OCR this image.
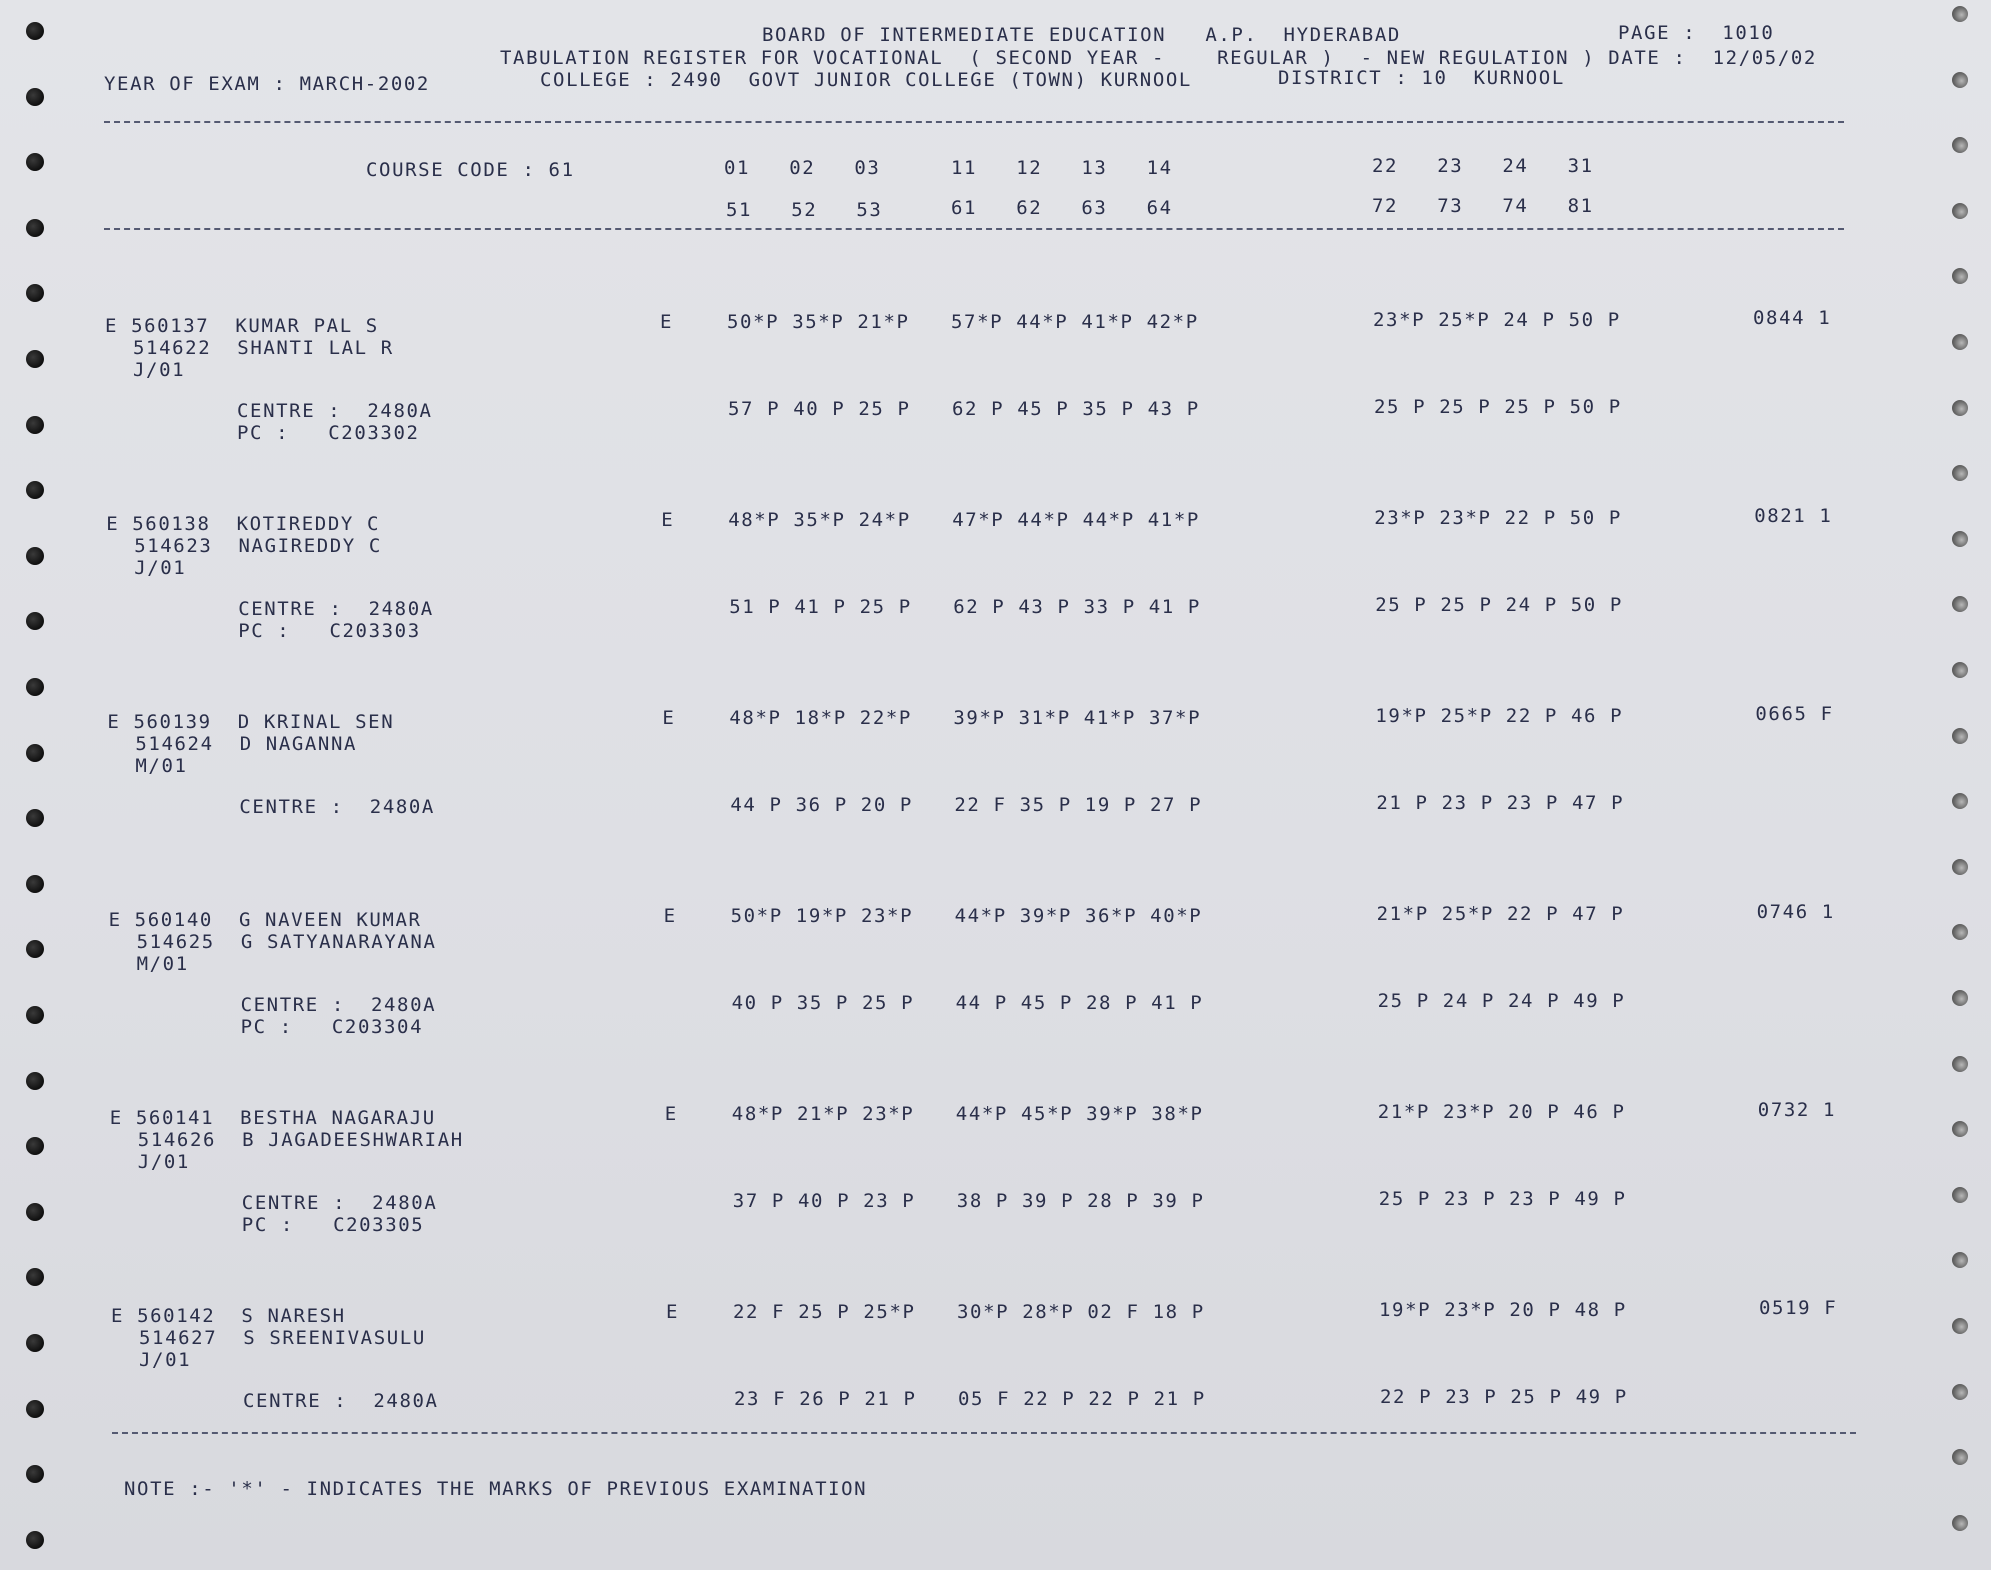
BOARD OF INTERMEDIATE EDUCATION   A.P.  HYDERABAD	PAGE :  1010
TABULATION REGISTER FOR VOCATIONAL  ( SECOND YEAR -    REGULAR )  - NEW REGULATION ) DATE :  12/05/02
YEAR OF EXAM : MARCH-2002	COLLEGE : 2490  GOVT JUNIOR COLLEGE (TOWN) KURNOOL	DISTRICT : 10  KURNOOL
COURSE CODE : 61	01   02   03	11   12   13   14	22   23   24   31
51   52   53	61   62   63   64	72   73   74   81
E 560137  KUMAR PAL S
514622  SHANTI LAL R
J/01
E	50*P 35*P 21*P 57*P 44*P 41*P 42*P	23*P 25*P 24 P 50 P	0844 1
CENTRE :  2480A
PC :   C203302
57 P 40 P 25 P 62 P 45 P 35 P 43 P	25 P 25 P 25 P 50 P
E 560138  KOTIREDDY C
514623  NAGIREDDY C
J/01
E	48*P 35*P 24*P 47*P 44*P 44*P 41*P	23*P 23*P 22 P 50 P	0821 1
CENTRE :  2480A
PC :   C203303
51 P 41 P 25 P 62 P 43 P 33 P 41 P	25 P 25 P 24 P 50 P
E 560139  D KRINAL SEN
514624  D NAGANNA
M/01
E	48*P 18*P 22*P 39*P 31*P 41*P 37*P	19*P 25*P 22 P 46 P	0665 F
CENTRE :  2480A	44 P 36 P 20 P 22 F 35 P 19 P 27 P	21 P 23 P 23 P 47 P
E 560140  G NAVEEN KUMAR
514625  G SATYANARAYANA
M/01
E	50*P 19*P 23*P 44*P 39*P 36*P 40*P	21*P 25*P 22 P 47 P	0746 1
CENTRE :  2480A
PC :   C203304
40 P 35 P 25 P 44 P 45 P 28 P 41 P	25 P 24 P 24 P 49 P
E 560141  BESTHA NAGARAJU
514626  B JAGADEESHWARIAH
J/01
E	48*P 21*P 23*P 44*P 45*P 39*P 38*P	21*P 23*P 20 P 46 P	0732 1
CENTRE :  2480A
PC :   C203305
37 P 40 P 23 P 38 P 39 P 28 P 39 P	25 P 23 P 23 P 49 P
E 560142  S NARESH
514627  S SREENIVASULU
J/01
E	22 F 25 P 25*P 30*P 28*P 02 F 18 P	19*P 23*P 20 P 48 P	0519 F
CENTRE :  2480A	23 F 26 P 21 P 05 F 22 P 22 P 21 P	22 P 23 P 25 P 49 P
NOTE :- '*' - INDICATES THE MARKS OF PREVIOUS EXAMINATION
